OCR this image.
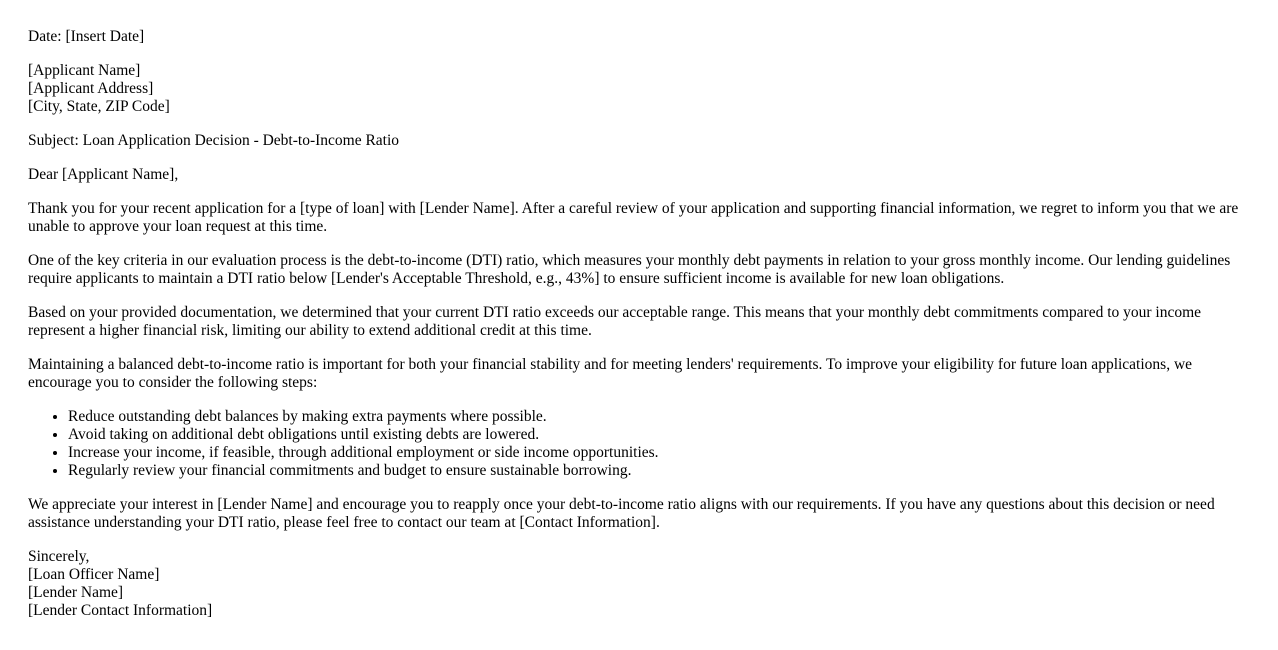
Date: [Insert Date]

[Applicant Name]
[Applicant Address]
[City, State, ZIP Code]

Subject: Loan Application Decision - Debt-to-Income Ratio

Dear [Applicant Name],

Thank you for your recent application for a [type of loan] with [Lender Name]. After a careful review of your application and supporting financial information, we regret to inform you that we are unable to approve your loan request at this time.

One of the key criteria in our evaluation process is the debt-to-income (DTI) ratio, which measures your monthly debt payments in relation to your gross monthly income. Our lending guidelines require applicants to maintain a DTI ratio below [Lender's Acceptable Threshold, e.g., 43%] to ensure sufficient income is available for new loan obligations.

Based on your provided documentation, we determined that your current DTI ratio exceeds our acceptable range. This means that your monthly debt commitments compared to your income represent a higher financial risk, limiting our ability to extend additional credit at this time.

Maintaining a balanced debt-to-income ratio is important for both your financial stability and for meeting lenders' requirements. To improve your eligibility for future loan applications, we encourage you to consider the following steps:

• Reduce outstanding debt balances by making extra payments where possible.
• Avoid taking on additional debt obligations until existing debts are lowered.
• Increase your income, if feasible, through additional employment or side income opportunities.
• Regularly review your financial commitments and budget to ensure sustainable borrowing.

We appreciate your interest in [Lender Name] and encourage you to reapply once your debt-to-income ratio aligns with our requirements. If you have any questions about this decision or need assistance understanding your DTI ratio, please feel free to contact our team at [Contact Information].

Sincerely,
[Loan Officer Name]
[Lender Name]
[Lender Contact Information]
